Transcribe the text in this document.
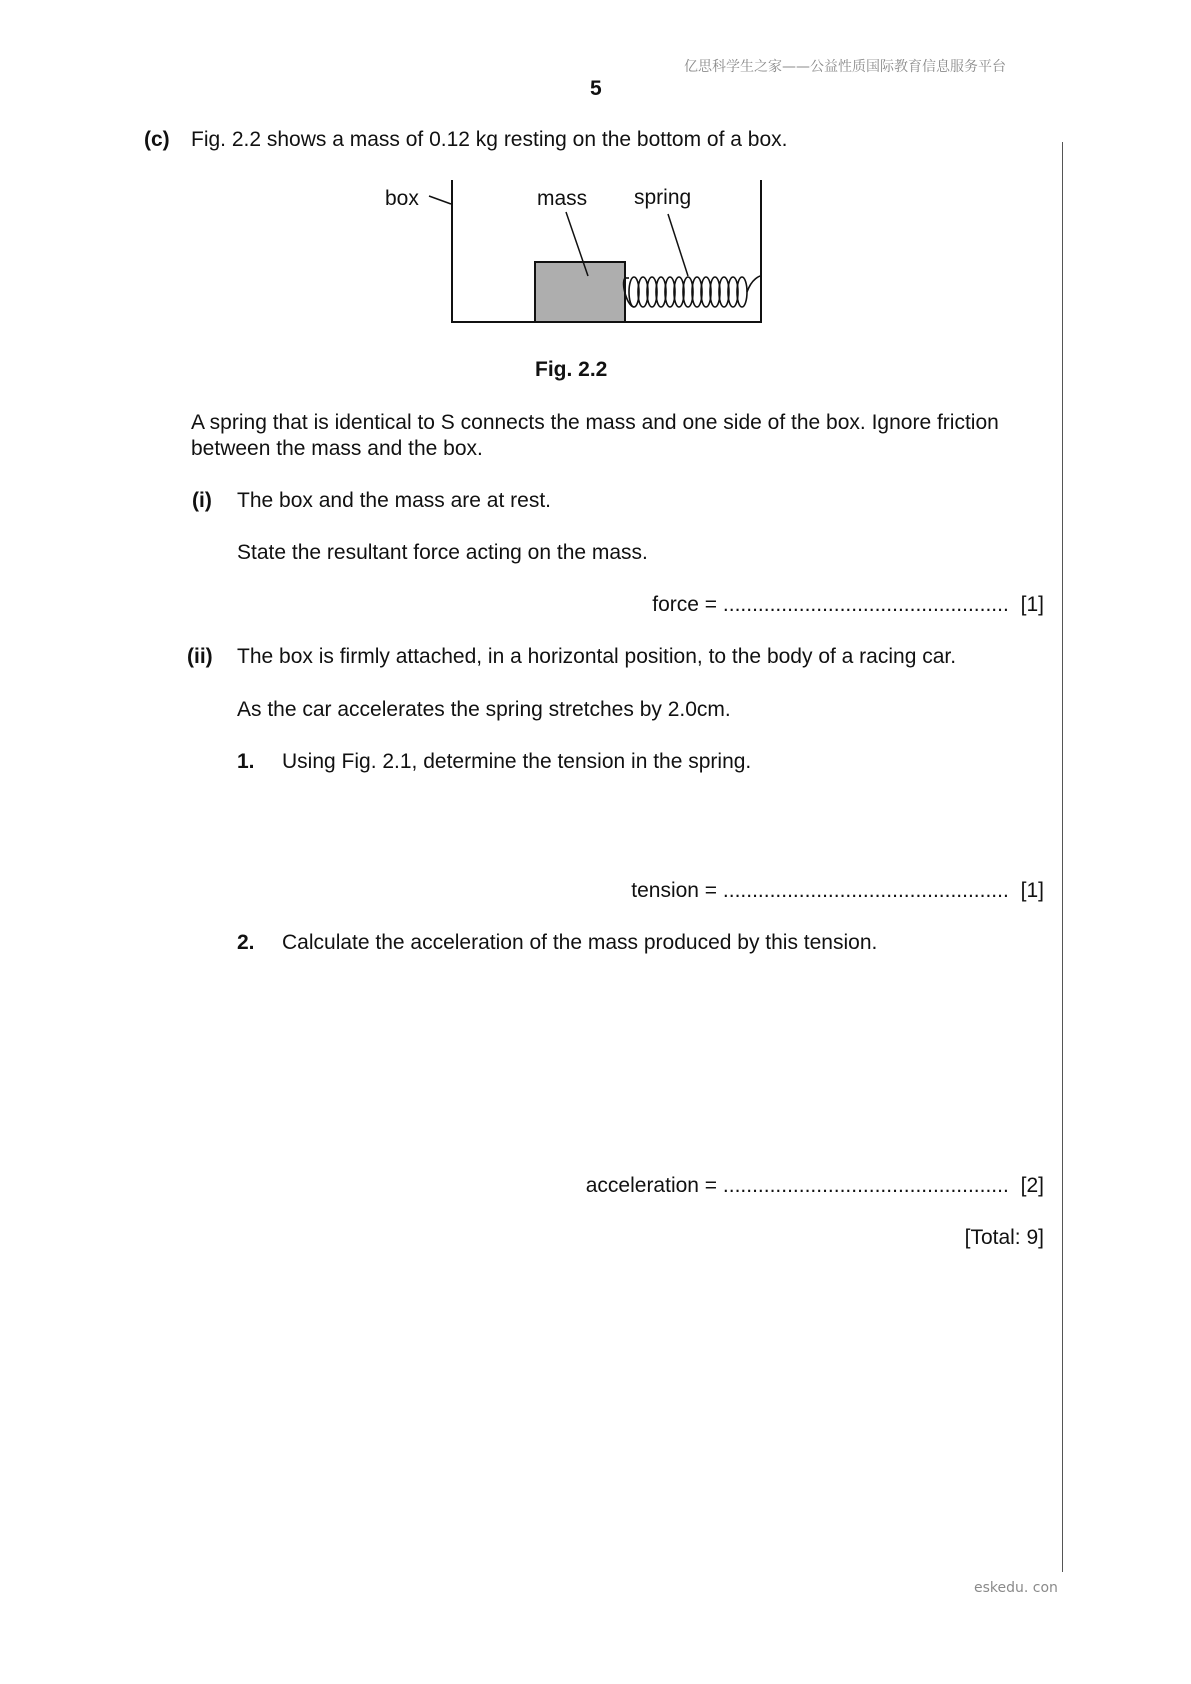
亿思科学生之家——公益性质国际教育信息服务平台
5
(c) Fig. 2.2 shows a mass of 0.12 kg resting on the bottom of a box.
box	mass spring
Fig. 2.2
A spring that is identical to S connects the mass and one side of the box. Ignore friction
between the mass and the box.
(i) The box and the mass are at rest.
State the resultant force acting on the mass.
force = ................................................. [1]
(ii) The box is firmly attached, in a horizontal position, to the body of a racing car.
As the car accelerates the spring stretches by 2.0cm.
1. Using Fig. 2.1, determine the tension in the spring.
tension = ................................................. [1]
2. Calculate the acceleration of the mass produced by this tension.
acceleration = ................................................. [2]
[Total: 9]
eskedu. con
